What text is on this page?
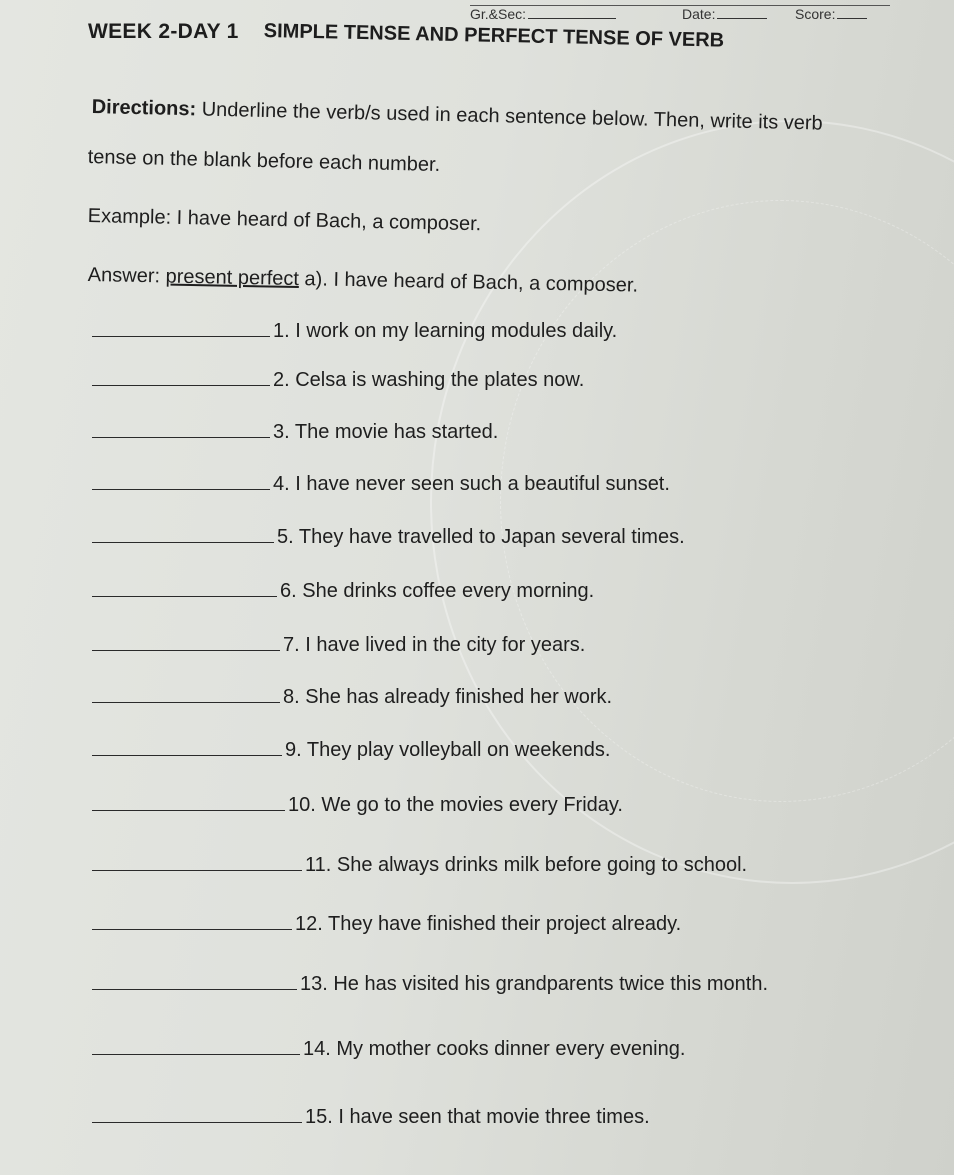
Gr.&Sec:	Date:	Score:
WEEK 2-DAY 1 SIMPLE TENSE AND PERFECT TENSE OF VERB
Directions: Underline the verb/s used in each sentence below. Then, write its verb
tense on the blank before each number.
Example: I have heard of Bach, a composer.
Answer: present perfect a). I have heard of Bach, a composer.
1. I work on my learning modules daily.
2. Celsa is washing the plates now.
3. The movie has started.
4. I have never seen such a beautiful sunset.
5. They have travelled to Japan several times.
6. She drinks coffee every morning.
7. I have lived in the city for years.
8. She has already finished her work.
9. They play volleyball on weekends.
10. We go to the movies every Friday.
11. She always drinks milk before going to school.
12. They have finished their project already.
13. He has visited his grandparents twice this month.
14. My mother cooks dinner every evening.
15. I have seen that movie three times.
